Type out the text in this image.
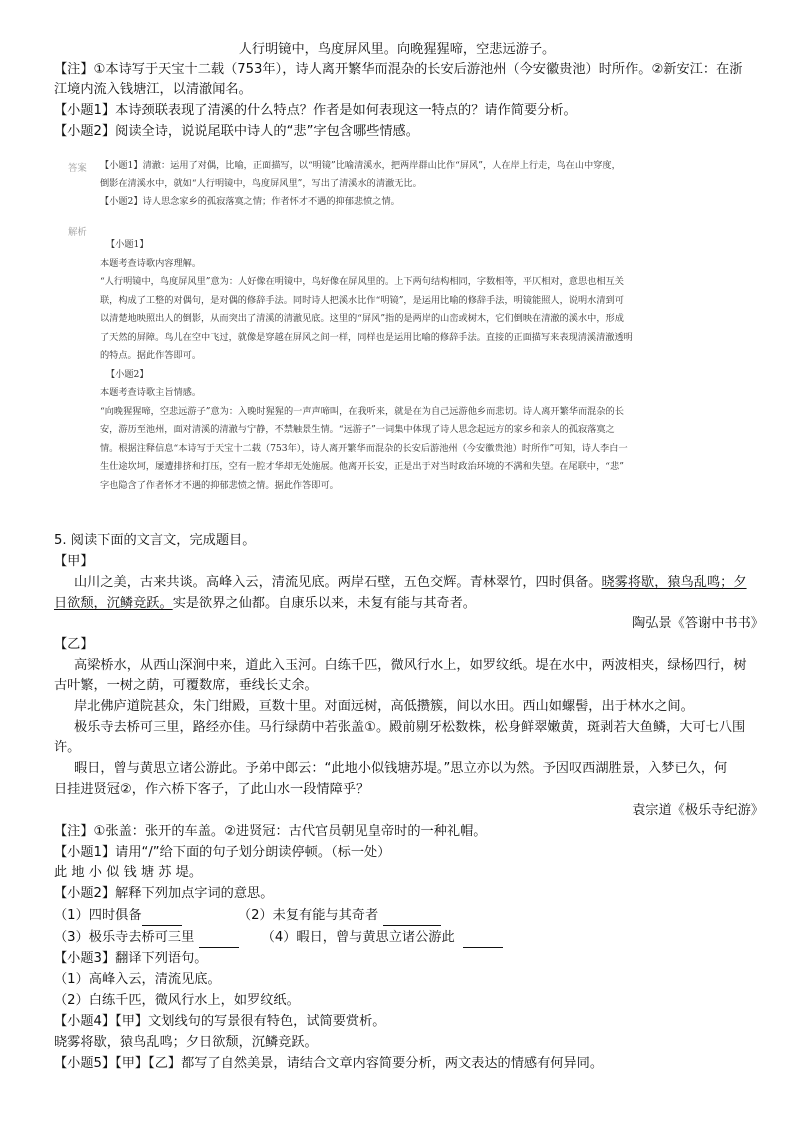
人行明镜中，鸟度屏风里。向晚猩猩啼，空悲远游子。
【注】①本诗写于天宝十二载（753年），诗人离开繁华而混杂的长安后游池州（今安徽贵池）时所作。②新安江：在浙
江境内流入钱塘江，以清澈闻名。
【小题1】本诗颈联表现了清溪的什么特点？作者是如何表现这一特点的？请作简要分析。
【小题2】阅读全诗，说说尾联中诗人的“悲”字包含哪些情感。
答案 【小题1】清澈：运用了对偶，比喻，正面描写，以“明镜”比喻清溪水，把两岸群山比作“屏风”，人在岸上行走，鸟在山中穿度，
倒影在清溪水中，就如“人行明镜中，鸟度屏风里”，写出了清溪水的清澈无比。
【小题2】诗人思念家乡的孤寂落寞之情；作者怀才不遇的抑郁悲愤之情。
解析
【小题1】
本题考查诗歌内容理解。
“人行明镜中，鸟度屏风里”意为：人好像在明镜中，鸟好像在屏风里的。上下两句结构相同，字数相等，平仄相对，意思也相互关
联，构成了工整的对偶句，是对偶的修辞手法。同时诗人把溪水比作“明镜”，是运用比喻的修辞手法，明镜能照人，说明水清到可
以清楚地映照出人的倒影，从而突出了清溪的清澈见底。这里的“屏风”指的是两岸的山峦或树木，它们倒映在清澈的溪水中，形成
了天然的屏障。鸟儿在空中飞过，就像是穿越在屏风之间一样，同样也是运用比喻的修辞手法。直接的正面描写来表现清溪清澈透明
的特点。据此作答即可。
【小题2】
本题考查诗歌主旨情感。
“向晚猩猩啼，空悲远游子”意为：入晚时猩猩的一声声啼叫，在我听来，就是在为自己远游他乡而悲切。诗人离开繁华而混杂的长
安，游历至池州，面对清溪的清澈与宁静，不禁触景生情。“远游子”一词集中体现了诗人思念起远方的家乡和亲人的孤寂落寞之
情。根据注释信息“本诗写于天宝十二载（753年），诗人离开繁华而混杂的长安后游池州（今安徽贵池）时所作”可知，诗人李白一
生仕途坎坷，屡遭排挤和打压，空有一腔才华却无处施展。他离开长安，正是出于对当时政治环境的不满和失望。在尾联中，“悲”
字也隐含了作者怀才不遇的抑郁悲愤之情。据此作答即可。
5. 阅读下面的文言文，完成题目。
【甲】
山川之美，古来共谈。高峰入云，清流见底。两岸石壁，五色交辉。青林翠竹，四时俱备。晓雾将歇，猿鸟乱鸣；夕
日欲颓，沉鳞竞跃。实是欲界之仙都。自康乐以来，未复有能与其奇者。
陶弘景《答谢中书书》
【乙】
高梁桥水，从西山深涧中来，道此入玉河。白练千匹，微风行水上，如罗纹纸。堤在水中，两波相夹，绿杨四行，树
古叶繁，一树之荫，可覆数席，垂线长丈余。
岸北佛庐道院甚众，朱门绀殿，亘数十里。对面远树，高低攒簇，间以水田。西山如螺髻，出于林水之间。
极乐寺去桥可三里，路经亦佳。马行绿荫中若张盖①。殿前剔牙松数株，松身鲜翠嫩黄，斑剥若大鱼鳞，大可七八围
许。
暇日，曾与黄思立诸公游此。予弟中郎云：“此地小似钱塘苏堤。”思立亦以为然。予因叹西湖胜景，入梦已久，何
日挂进贤冠②，作六桥下客子，了此山水一段情障乎？
袁宗道《极乐寺纪游》
【注】①张盖：张开的车盖。②进贤冠：古代官员朝见皇帝时的一种礼帽。
【小题1】请用“/”给下面的句子划分朗读停顿。（标一处）
此 地 小 似 钱 塘 苏 堤。
【小题2】解释下列加点字词的意思。
（1）四时俱备	（2）未复有能与其奇者
（3）极乐寺去桥可三里	（4）暇日，曾与黄思立诸公游此
【小题3】翻译下列语句。
（1）高峰入云，清流见底。
（2）白练千匹，微风行水上，如罗纹纸。
【小题4】【甲】文划线句的写景很有特色，试简要赏析。
晓雾将歇，猿鸟乱鸣；夕日欲颓，沉鳞竞跃。
【小题5】【甲】【乙】都写了自然美景，请结合文章内容简要分析，两文表达的情感有何异同。
